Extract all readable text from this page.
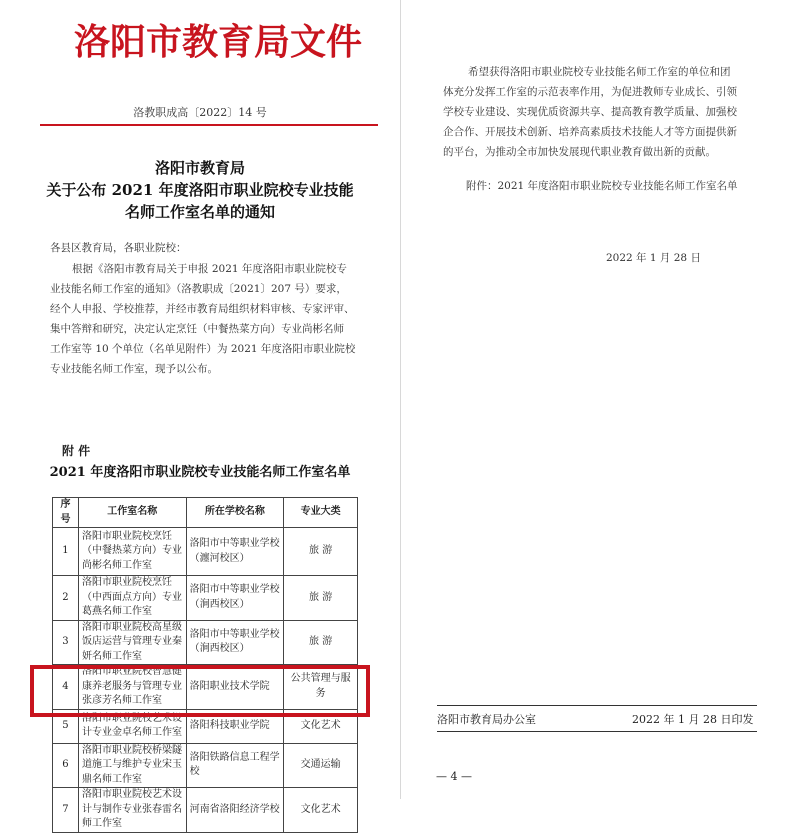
洛阳市教育局文件
洛教职成高〔2022〕14 号
洛阳市教育局
关于公布 2021 年度洛阳市职业院校专业技能
名师工作室名单的通知
各县区教育局，各职业院校：
根据《洛阳市教育局关于申报 2021 年度洛阳市职业院校专
业技能名师工作室的通知》（洛教职成〔2021〕207 号）要求，
经个人申报、学校推荐，并经市教育局组织材料审核、专家评审、
集中答辩和研究，决定认定烹饪（中餐热菜方向）专业尚彬名师
工作室等 10 个单位（名单见附件）为 2021 年度洛阳市职业院校
专业技能名师工作室，现予以公布。
希望获得洛阳市职业院校专业技能名师工作室的单位和团
体充分发挥工作室的示范表率作用，为促进教师专业成长、引领
学校专业建设、实现优质资源共享、提高教育教学质量、加强校
企合作、开展技术创新、培养高素质技术技能人才等方面提供新
的平台，为推动全市加快发展现代职业教育做出新的贡献。
附件：2021 年度洛阳市职业院校专业技能名师工作室名单
2022 年 1 月 28 日
附 件
2021 年度洛阳市职业院校专业技能名师工作室名单
序号	工作室名称	所在学校名称	专业大类
1	洛阳市职业院校烹饪（中餐热菜方向）专业尚彬名师工作室	洛阳市中等职业学校（瀍河校区）	旅 游
2	洛阳市职业院校烹饪（中西面点方向）专业葛燕名师工作室	洛阳市中等职业学校（涧西校区）	旅 游
3	洛阳市职业院校高星级饭店运营与管理专业秦妍名师工作室	洛阳市中等职业学校（涧西校区）	旅 游
4	洛阳市职业院校智慧健康养老服务与管理专业张彦芳名师工作室	洛阳职业技术学院	公共管理与服务
5	洛阳市职业院校艺术设计专业金卓名师工作室	洛阳科技职业学院	文化艺术
6	洛阳市职业院校桥梁隧道施工与维护专业宋玉鼎名师工作室	洛阳铁路信息工程学校	交通运输
7	洛阳市职业院校艺术设计与制作专业张春雷名师工作室	河南省洛阳经济学校	文化艺术
洛阳市教育局办公室	2022 年 1 月 28 日印发
— 4 —
